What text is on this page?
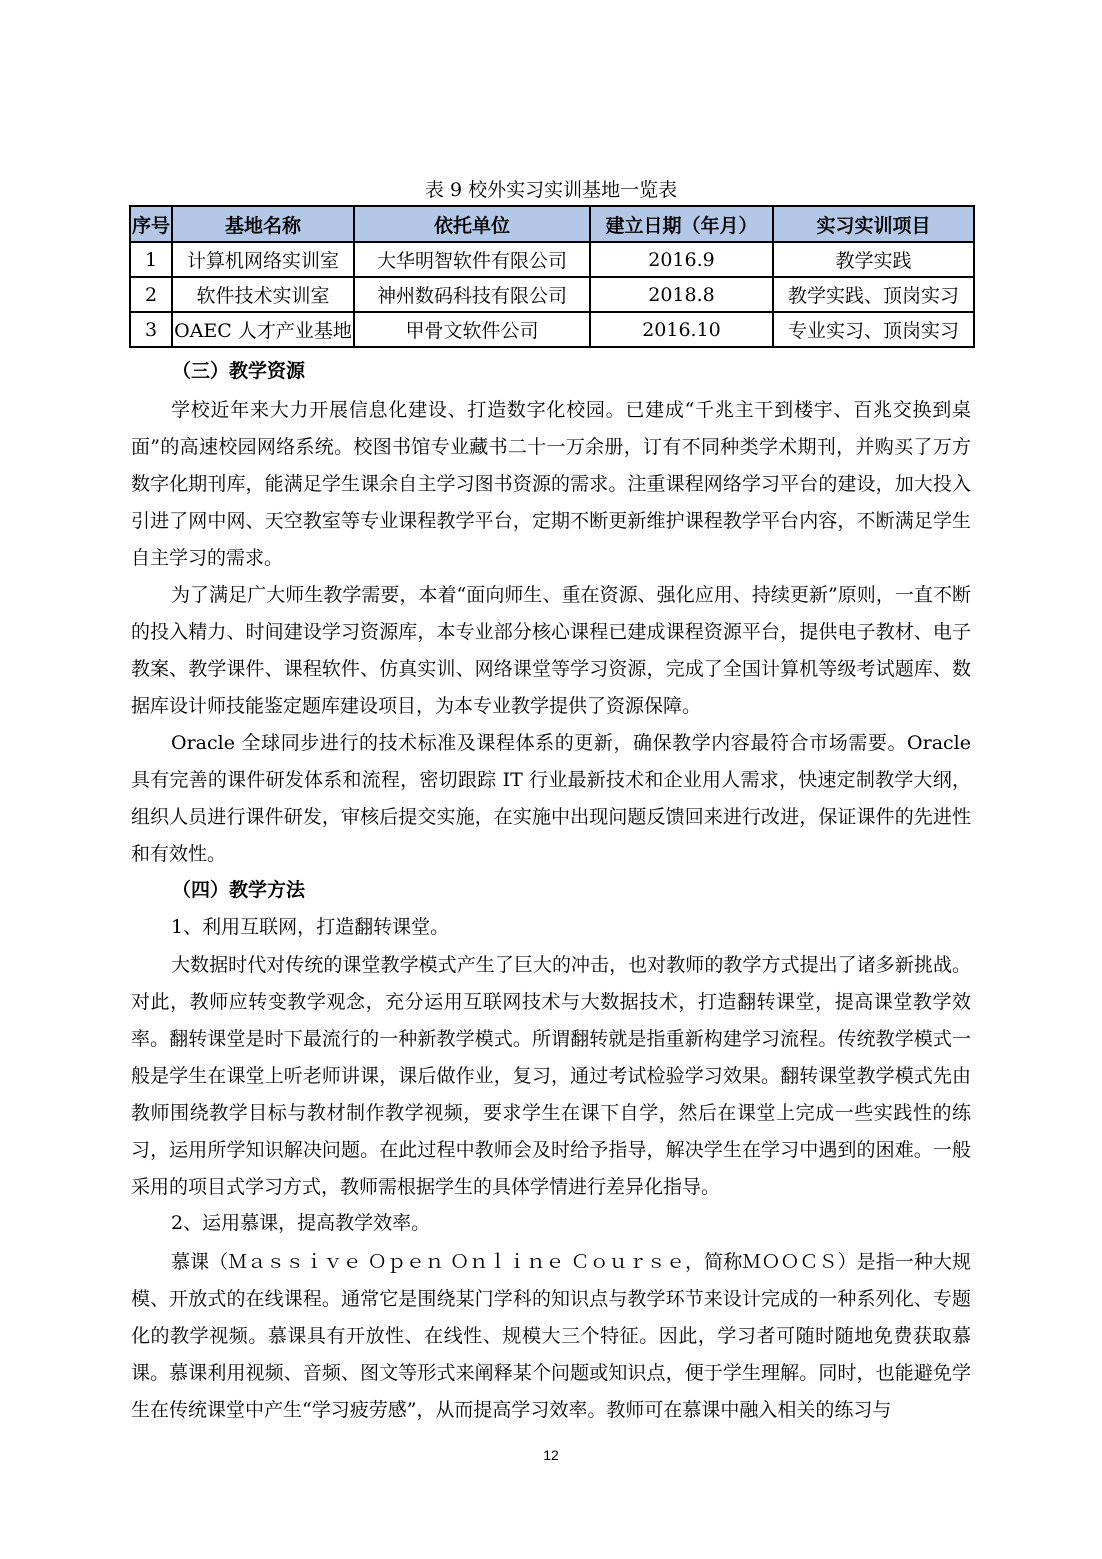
表 9 校外实习实训基地一览表
序号	基地名称	依托单位	建立日期（年月）	实习实训项目
1	计算机网络实训室	大华明智软件有限公司	2016.9	教学实践
2	软件技术实训室	神州数码科技有限公司	2018.8	教学实践、顶岗实习
3	OAEC 人才产业基地	甲骨文软件公司	2016.10	专业实习、顶岗实习
（三）教学资源

学校近年来大力开展信息化建设、打造数字化校园。已建成“千兆主干到楼宇、百兆交换到桌面”的高速校园网络系统。校图书馆专业藏书二十一万余册，订有不同种类学术期刊，并购买了万方数字化期刊库，能满足学生课余自主学习图书资源的需求。注重课程网络学习平台的建设，加大投入引进了网中网、天空教室等专业课程教学平台，定期不断更新维护课程教学平台内容，不断满足学生自主学习的需求。

为了满足广大师生教学需要，本着“面向师生、重在资源、强化应用、持续更新”原则，一直不断的投入精力、时间建设学习资源库，本专业部分核心课程已建成课程资源平台，提供电子教材、电子教案、教学课件、课程软件、仿真实训、网络课堂等学习资源，完成了全国计算机等级考试题库、数据库设计师技能鉴定题库建设项目，为本专业教学提供了资源保障。

Oracle 全球同步进行的技术标准及课程体系的更新，确保教学内容最符合市场需要。Oracle 具有完善的课件研发体系和流程，密切跟踪 IT 行业最新技术和企业用人需求，快速定制教学大纲，组织人员进行课件研发，审核后提交实施，在实施中出现问题反馈回来进行改进，保证课件的先进性和有效性。

（四）教学方法
1、利用互联网，打造翻转课堂。

大数据时代对传统的课堂教学模式产生了巨大的冲击，也对教师的教学方式提出了诸多新挑战。对此，教师应转变教学观念，充分运用互联网技术与大数据技术，打造翻转课堂，提高课堂教学效率。翻转课堂是时下最流行的一种新教学模式。所谓翻转就是指重新构建学习流程。传统教学模式一般是学生在课堂上听老师讲课，课后做作业，复习，通过考试检验学习效果。翻转课堂教学模式先由教师围绕教学目标与教材制作教学视频，要求学生在课下自学，然后在课堂上完成一些实践性的练习，运用所学知识解决问题。在此过程中教师会及时给予指导，解决学生在学习中遇到的困难。一般采用的项目式学习方式，教师需根据学生的具体学情进行差异化指导。

2、运用慕课，提高教学效率。

慕课（Ｍａｓｓｉｖｅ Ｏｐｅｎ Ｏｎｌｉｎｅ Ｃｏｕｒｓｅ，简称ＭＯＯＣＳ）是指一种大规模、开放式的在线课程。通常它是围绕某门学科的知识点与教学环节来设计完成的一种系列化、专题化的教学视频。慕课具有开放性、在线性、规模大三个特征。因此，学习者可随时随地免费获取慕课。慕课利用视频、音频、图文等形式来阐释某个问题或知识点，便于学生理解。同时，也能避免学生在传统课堂中产生“学习疲劳感”，从而提高学习效率。教师可在慕课中融入相关的练习与

12
